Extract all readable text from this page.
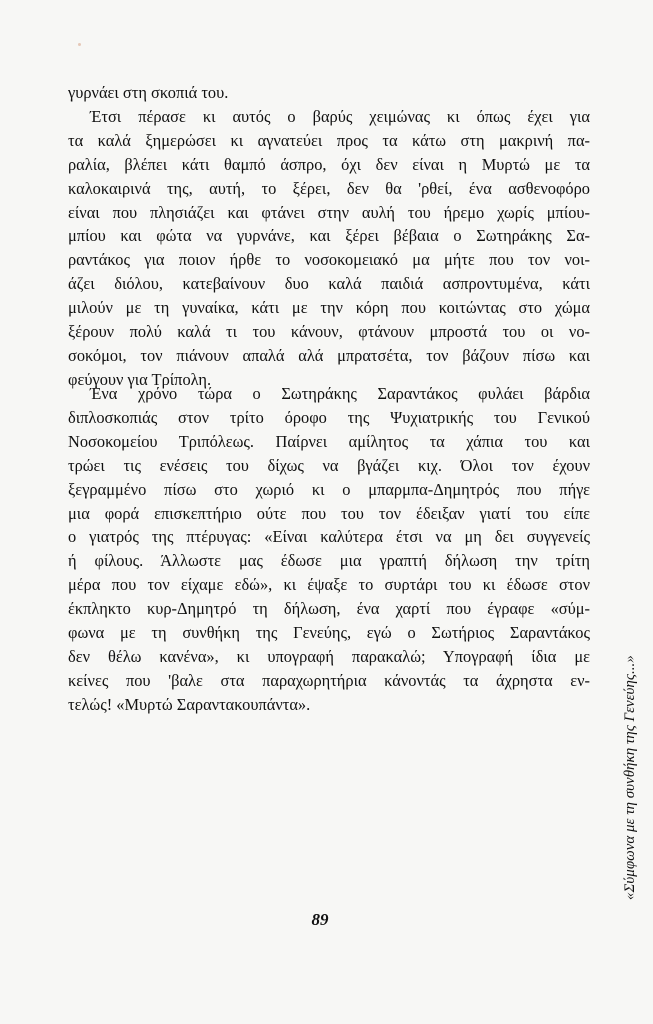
γυρνάει στη σκοπιά του.
Έτσι πέρασε κι αυτός ο βαρύς χειμώνας κι όπως έχει για
τα καλά ξημερώσει κι αγνατεύει προς τα κάτω στη μακρινή πα-
ραλία, βλέπει κάτι θαμπό άσπρο, όχι δεν είναι η Μυρτώ με τα
καλοκαιρινά της, αυτή, το ξέρει, δεν θα 'ρθεί, ένα ασθενοφόρο
είναι που πλησιάζει και φτάνει στην αυλή του ήρεμο χωρίς μπίου-
μπίου και φώτα να γυρνάνε, και ξέρει βέβαια ο Σωτηράκης Σα-
ραντάκος για ποιον ήρθε το νοσοκομειακό μα μήτε που τον νοι-
άζει διόλου, κατεβαίνουν δυο καλά παιδιά ασπροντυμένα, κάτι
μιλούν με τη γυναίκα, κάτι με την κόρη που κοιτώντας στο χώμα
ξέρουν πολύ καλά τι του κάνουν, φτάνουν μπροστά του οι νο-
σοκόμοι, τον πιάνουν απαλά αλά μπρατσέτα, τον βάζουν πίσω και
φεύγουν για Τρίπολη.
Ένα χρόνο τώρα ο Σωτηράκης Σαραντάκος φυλάει βάρδια
διπλοσκοπιάς στον τρίτο όροφο της Ψυχιατρικής του Γενικού
Νοσοκομείου Τριπόλεως. Παίρνει αμίλητος τα χάπια του και
τρώει τις ενέσεις του δίχως να βγάζει κιχ. Όλοι τον έχουν
ξεγραμμένο πίσω στο χωριό κι ο μπαρμπα-Δημητρός που πήγε
μια φορά επισκεπτήριο ούτε που του τον έδειξαν γιατί του είπε
ο γιατρός της πτέρυγας: «Είναι καλύτερα έτσι να μη δει συγγενείς
ή φίλους. Άλλωστε μας έδωσε μια γραπτή δήλωση την τρίτη
μέρα που τον είχαμε εδώ», κι έψαξε το συρτάρι του κι έδωσε στον
έκπληκτο κυρ-Δημητρό τη δήλωση, ένα χαρτί που έγραφε «σύμ-
φωνα με τη συνθήκη της Γενεύης, εγώ ο Σωτήριος Σαραντάκος
δεν θέλω κανένα», κι υπογραφή παρακαλώ; Υπογραφή ίδια με
κείνες που 'βαλε στα παραχωρητήρια κάνοντάς τα άχρηστα εν-
τελώς! «Μυρτώ Σαραντακουπάντα».
89
«Σύμφωνα με τη συνθήκη της Γενεύης...»
